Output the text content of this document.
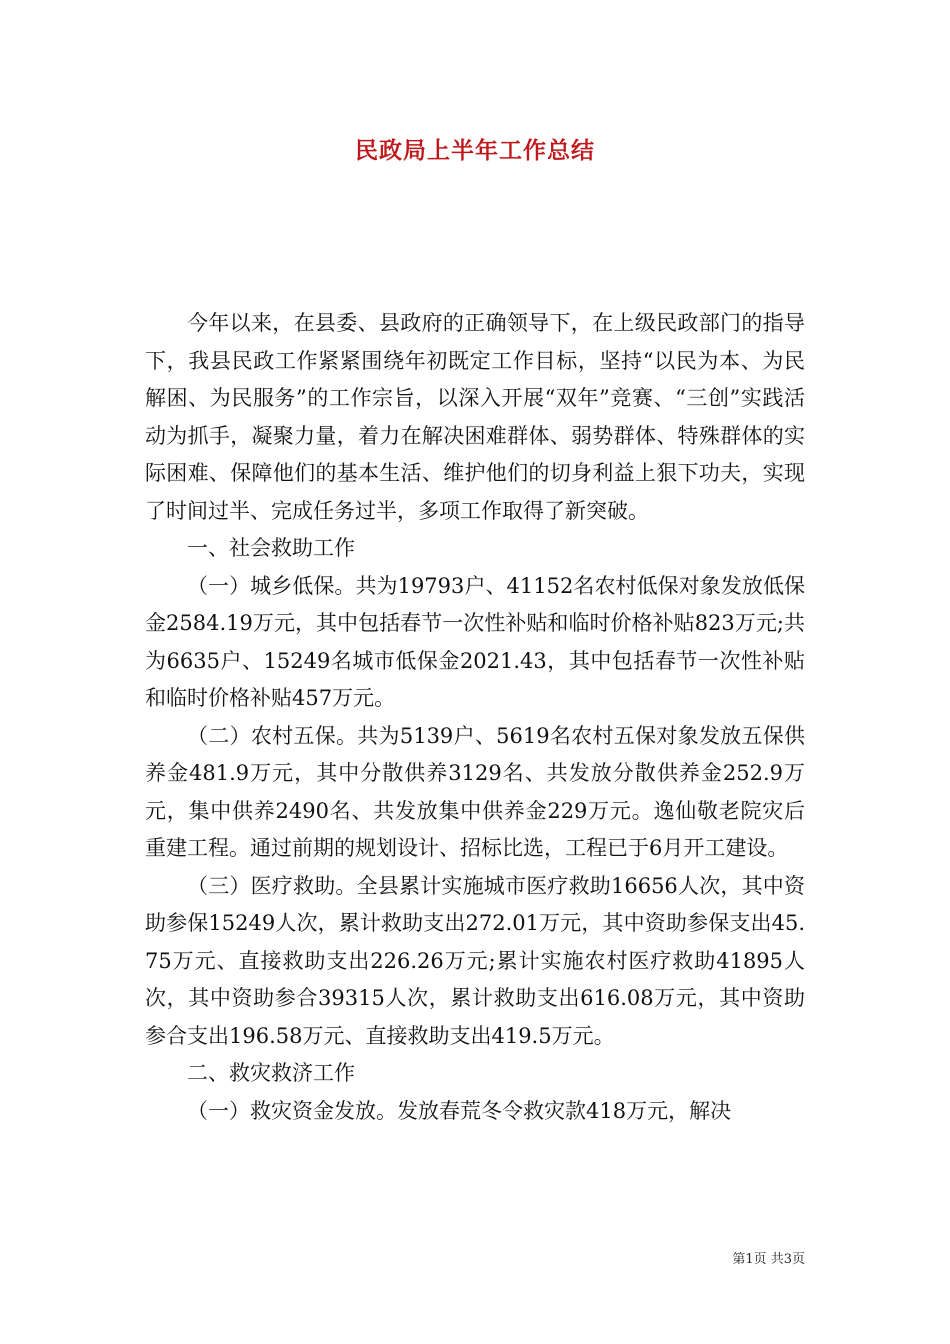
民政局上半年工作总结

今年以来，在县委、县政府的正确领导下，在上级民政部门的指导下，我县民政工作紧紧围绕年初既定工作目标，坚持“以民为本、为民解困、为民服务”的工作宗旨，以深入开展“双年”竞赛、“三创”实践活动为抓手，凝聚力量，着力在解决困难群体、弱势群体、特殊群体的实际困难、保障他们的基本生活、维护他们的切身利益上狠下功夫，实现了时间过半、完成任务过半，多项工作取得了新突破。

一、社会救助工作

（一）城乡低保。共为19793户、41152名农村低保对象发放低保金2584.19万元，其中包括春节一次性补贴和临时价格补贴823万元;共为6635户、15249名城市低保金2021.43，其中包括春节一次性补贴和临时价格补贴457万元。

（二）农村五保。共为5139户、5619名农村五保对象发放五保供养金481.9万元，其中分散供养3129名、共发放分散供养金252.9万元，集中供养2490名、共发放集中供养金229万元。逸仙敬老院灾后重建工程。通过前期的规划设计、招标比选，工程已于6月开工建设。

（三）医疗救助。全县累计实施城市医疗救助16656人次，其中资助参保15249人次，累计救助支出272.01万元，其中资助参保支出45.75万元、直接救助支出226.26万元;累计实施农村医疗救助41895人次，其中资助参合39315人次，累计救助支出616.08万元，其中资助参合支出196.58万元、直接救助支出419.5万元。

二、救灾救济工作

（一）救灾资金发放。发放春荒冬令救灾款418万元，解决

第1页 共3页
